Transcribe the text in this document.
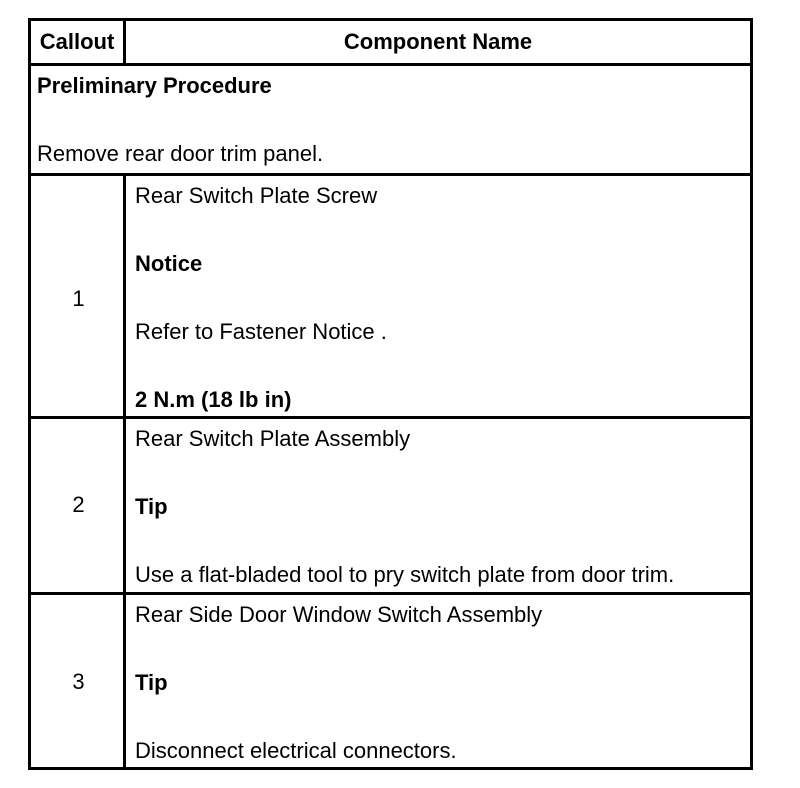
Callout	Component Name
Preliminary Procedure
Remove rear door trim panel.
1
Rear Switch Plate Screw
Notice
Refer to Fastener Notice .
2 N.m (18 lb in)
2
Rear Switch Plate Assembly
Tip
Use a flat-bladed tool to pry switch plate from door trim.
3
Rear Side Door Window Switch Assembly
Tip
Disconnect electrical connectors.
